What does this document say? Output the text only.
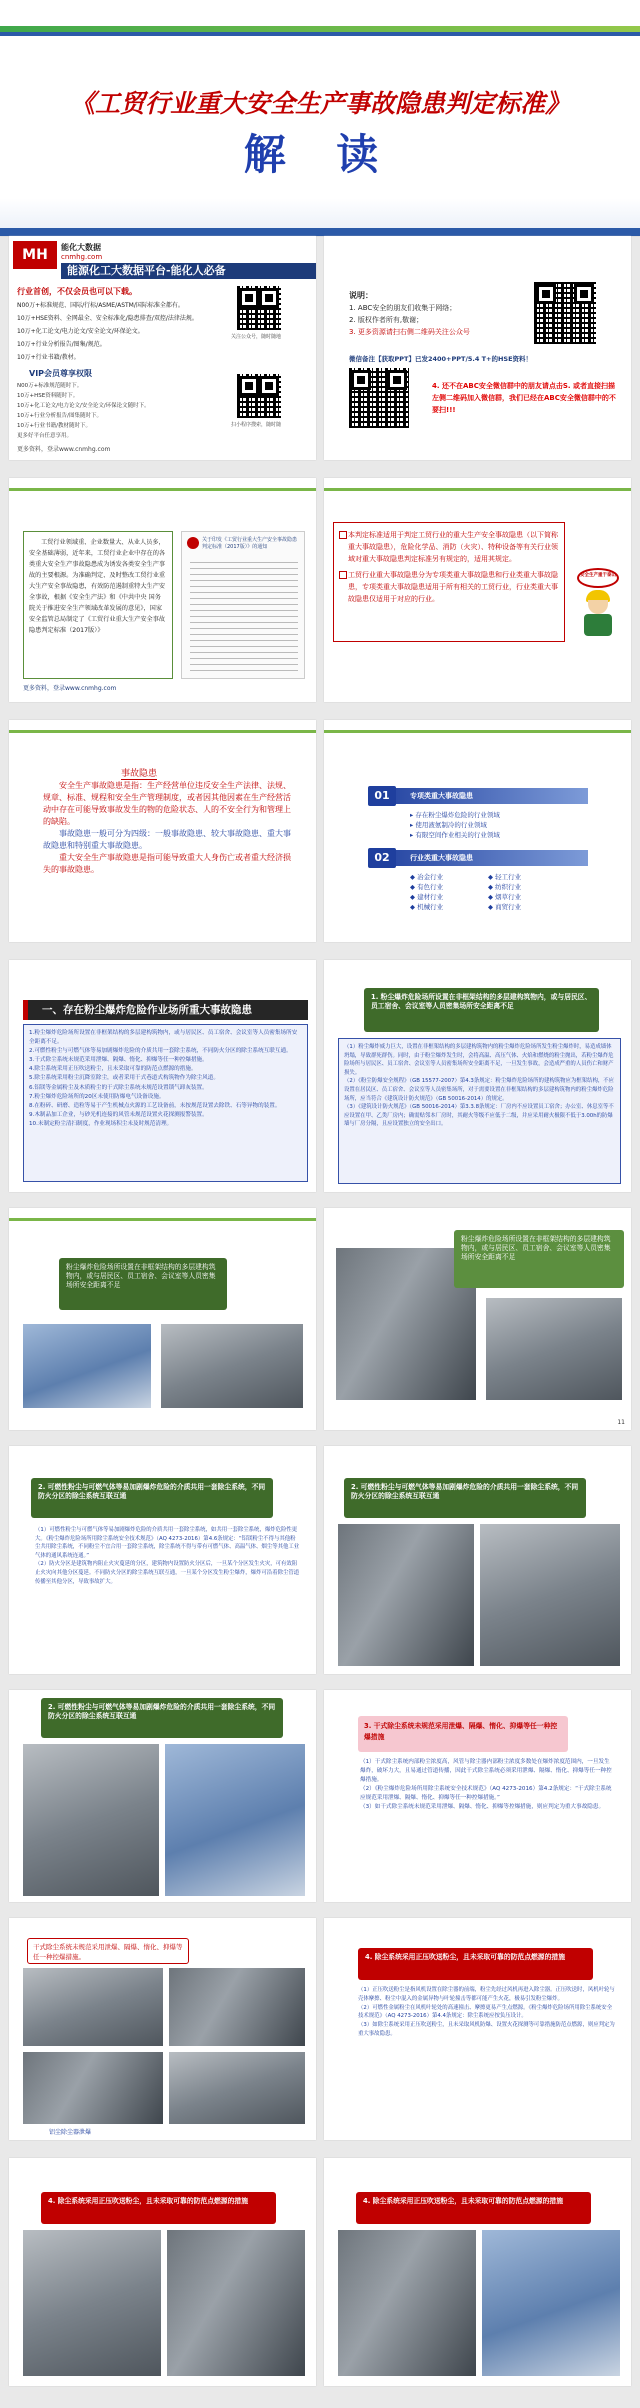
《工贸行业重大安全生产事故隐患判定标准》
解 读
MH	能化大数据
cnmhg.com
能源化工大数据平台-能化人必备
行业首创，不仅会员也可以下载。
N00万+标准规范、国际/行标/ASME/ASTM/国际标准全都有。
10万+HSE资料、全网最全、安全标准化/隐患排查/双控/法律法规。
10万+化工论文/电力论文/安全论文/环保论文。
10万+行业分析报告/图集/规范。
10万+行业书籍/教材。
VIP会员尊享权限
N00万+标准规范随时下。
10万+HSE资料随时下。
10万+化工论文/电力论文/安全论文/环保论文随时下。
10万+行业分析报告/图集随时下。
10万+行业书籍/教材随时下。
更多好平台任意享用。
关注公众号，随时随地
扫小程序搜索，随时随
更多资料，登录www.cnmhg.com
说明：
1. ABC安全的朋友们收集于网络；
2. 版权作者所有,敬谢；
3. 更多资源请扫右侧二维码关注公众号
微信备注【获取PPT】已发2400+PPT/5.4 T+的HSE资料！
4. 还不在ABC安全微信群中的朋友请点击S. 或者直接扫描左侧二维码加入微信群，我们已经在ABC安全微信群中的不要扫!!!
工贸行业领域重、企业数量大、从业人员多，安全基础薄弱，近年来，工贸行业企业中存在的各类重大安全生产事故隐患成为诱发各类安全生产事故的主要根源。为准确判定、及时整改工贸行业重大生产安全事故隐患，有效防范遏制重特大生产安全事故，根据《安全生产法》和《中共中央 国务院关于推进安全生产领域改革发展的意见》，国家安全监管总局制定了《工贸行业重大生产安全事故隐患判定标准（2017版）》
关于印发《工贸行业重大生产安全事故隐患判定标准（2017版）》的通知
更多资料，登录www.cnmhg.com
本判定标准适用于判定工贸行业的重大生产安全事故隐患（以下简称重大事故隐患），危险化学品、消防（火灾）、特种设备等有关行业领域对重大事故隐患判定标准另有规定的，适用其规定。
工贸行业重大事故隐患分为专项类重大事故隐患和行业类重大事故隐患，专项类重大事故隐患适用于所有相关的工贸行业，行业类重大事故隐患仅适用于对应的行业。
安全生产重于泰山
事故隐患
安全生产事故隐患是指：生产经营单位违反安全生产法律、法规、规章、标准、规程和安全生产管理制度，或者因其他因素在生产经营活动中存在可能导致事故发生的物的危险状态、人的不安全行为和管理上的缺陷。
事故隐患一般可分为四级：一般事故隐患、较大事故隐患、重大事故隐患和特别重大事故隐患。
重大安全生产事故隐患是指可能导致重大人身伤亡或者重大经济损失的事故隐患。
01	专项类重大事故隐患
▸ 存在粉尘爆炸危险的行业领域
▸ 使用液氨制冷的行业领域
▸ 有限空间作业相关的行业领域
02	行业类重大事故隐患
◆ 冶金行业
◆ 有色行业
◆ 建材行业
◆ 机械行业
◆ 轻工行业
◆ 纺织行业
◆ 烟草行业
◆ 商贸行业
一、存在粉尘爆炸危险作业场所重大事故隐患
1.粉尘爆炸危险场所设置在非框架结构的多层建构筑物内，或与居民区、员工宿舍、会议室等人员密集场所安全距离不足。
2.可燃性粉尘与可燃气体等易加剧爆炸危险的介质共用一套除尘系统，不同防火分区的除尘系统互联互通。
3.干式除尘系统未规范采用泄爆、隔爆、惰化、抑爆等任一种控爆措施。
4.除尘系统采用正压吹送粉尘，且未采取可靠的防范点燃源的措施。
5.除尘系统采用粉尘沉降室除尘，或者采用干式巷道式构筑物作为除尘风道。
6.铝镁等金属粉尘及木质粉尘的干式除尘系统未规范设置锁气卸灰装置。
7.粉尘爆炸危险场所的20区未使用防爆电气设备设施。
8.在粉碎、研磨、造粒等易于产生机械点火源的工艺设备前，未按规范设置去除铁、石等异物的装置。
9.木制品加工企业，与砂光机连接的风管未规范设置火花探测报警装置。
10.未制定粉尘清扫制度，作业现场积尘未及时规范清理。
1. 粉尘爆炸危险场所设置在非框架结构的多层建构筑物内，或与居民区、员工宿舍、会议室等人员密集场所安全距离不足
（1）粉尘爆炸威力巨大，设置在非框架结构的多层建构筑物内的粉尘爆炸危险场所发生粉尘爆炸时，易造成墙体坍塌，导致群死群伤。同时，由于粉尘爆炸发生时，会将高温、高压气体、火焰和燃烧的粉尘抛出，若粉尘爆炸危险场所与居民区、员工宿舍、会议室等人员密集场所安全距离不足，一旦发生事故，会造成严重的人员伤亡和财产损失。
（2）《粉尘防爆安全规程》（GB 15577-2007）第4.3条规定：粉尘爆炸危险场所的建构筑物应为框架结构，不应设置在居民区、员工宿舍、会议室等人员密集场所，对于需要设置在非框架结构的多层建构筑物内的粉尘爆炸危险场所，应当符合《建筑设计防火规范》（GB 50016-2014）的规定。
（3）《建筑设计防火规范》（GB 50016-2014）第3.3.8条规定：厂房内不应设置员工宿舍；办公室、休息室等不应设置在甲、乙类厂房内；确需贴邻本厂房时，其耐火等级不应低于二级，并应采用耐火极限不低于3.00h的防爆墙与厂房分隔，且应设置独立的安全出口。
粉尘爆炸危险场所设置在非框架结构的多层建构筑物内，或与居民区、员工宿舍、会议室等人员密集场所安全距离不足
粉尘爆炸危险场所设置在非框架结构的多层建构筑物内，或与居民区、员工宿舍、会议室等人员密集场所安全距离不足
11
2. 可燃性粉尘与可燃气体等易加剧爆炸危险的介质共用一套除尘系统，不同防火分区的除尘系统互联互通
（1）可燃性粉尘与可燃气体等易加剧爆炸危险的介质共用一套除尘系统，如共用一套除尘系统，爆炸危险性更大。《粉尘爆炸危险场所用除尘系统安全技术规范》（AQ 4273-2016）第4.6条规定：“铝镁粉尘不得与其他粉尘共用除尘系统，不同粉尘不宜合用一套除尘系统，除尘系统不得与带有可燃气体、高温气体、烟尘等其他工业气体的通风系统连通。”
（2）防火分区是建筑物内阻止火灾蔓延的分区，建筑物内设置防火分区后，一旦某个分区发生火灾，可有效阻止火灾向其他分区蔓延。不同防火分区的除尘系统互联互通，一旦某个分区发生粉尘爆炸，爆炸可沿着除尘管道传播至其他分区，导致事故扩大。
2. 可燃性粉尘与可燃气体等易加剧爆炸危险的介质共用一套除尘系统，不同防火分区的除尘系统互联互通
2. 可燃性粉尘与可燃气体等易加剧爆炸危险的介质共用一套除尘系统，不同防火分区的除尘系统互联互通
3. 干式除尘系统未规范采用泄爆、隔爆、惰化、抑爆等任一种控爆措施
（1）干式除尘系统内部粉尘浓度高，风管与除尘器内部粉尘浓度多数处在爆炸浓度范围内，一旦发生爆炸，破坏力大，且易通过管道传播，因此干式除尘系统必须采用泄爆、隔爆、惰化、抑爆等任一种控爆措施。
（2）《粉尘爆炸危险场所用除尘系统安全技术规范》（AQ 4273-2016）第4.2条规定：“干式除尘系统应规范采用泄爆、隔爆、惰化、抑爆等任一种控爆措施。”
（3）如干式除尘系统未规范采用泄爆、隔爆、惰化、抑爆等控爆措施，则应判定为重大事故隐患。
干式除尘系统未规范采用泄爆、隔爆、惰化、抑爆等任一种控爆措施。
铝尘除尘器泄爆
4. 除尘系统采用正压吹送粉尘，且未采取可靠的防范点燃源的措施
（1）正压吹送粉尘是指风机设置在除尘器的前端，粉尘先经过风机再进入除尘器。正压吹送时，风机叶轮与壳体摩擦、粉尘中混入的金属异物与叶轮撞击等都可能产生火花，极易引发粉尘爆炸。
（2）可燃性金属粉尘在风机叶轮处的高速撞击、摩擦更易产生点燃源。《粉尘爆炸危险场所用除尘系统安全技术规范》（AQ 4273-2016）第4.4条规定：除尘系统应按负压设计。
（3）如除尘系统采用正压吹送粉尘，且未采取风机防爆、设置火花探测等可靠措施防范点燃源，则应判定为重大事故隐患。
4. 除尘系统采用正压吹送粉尘，且未采取可靠的防范点燃源的措施	4. 除尘系统采用正压吹送粉尘，且未采取可靠的防范点燃源的措施
